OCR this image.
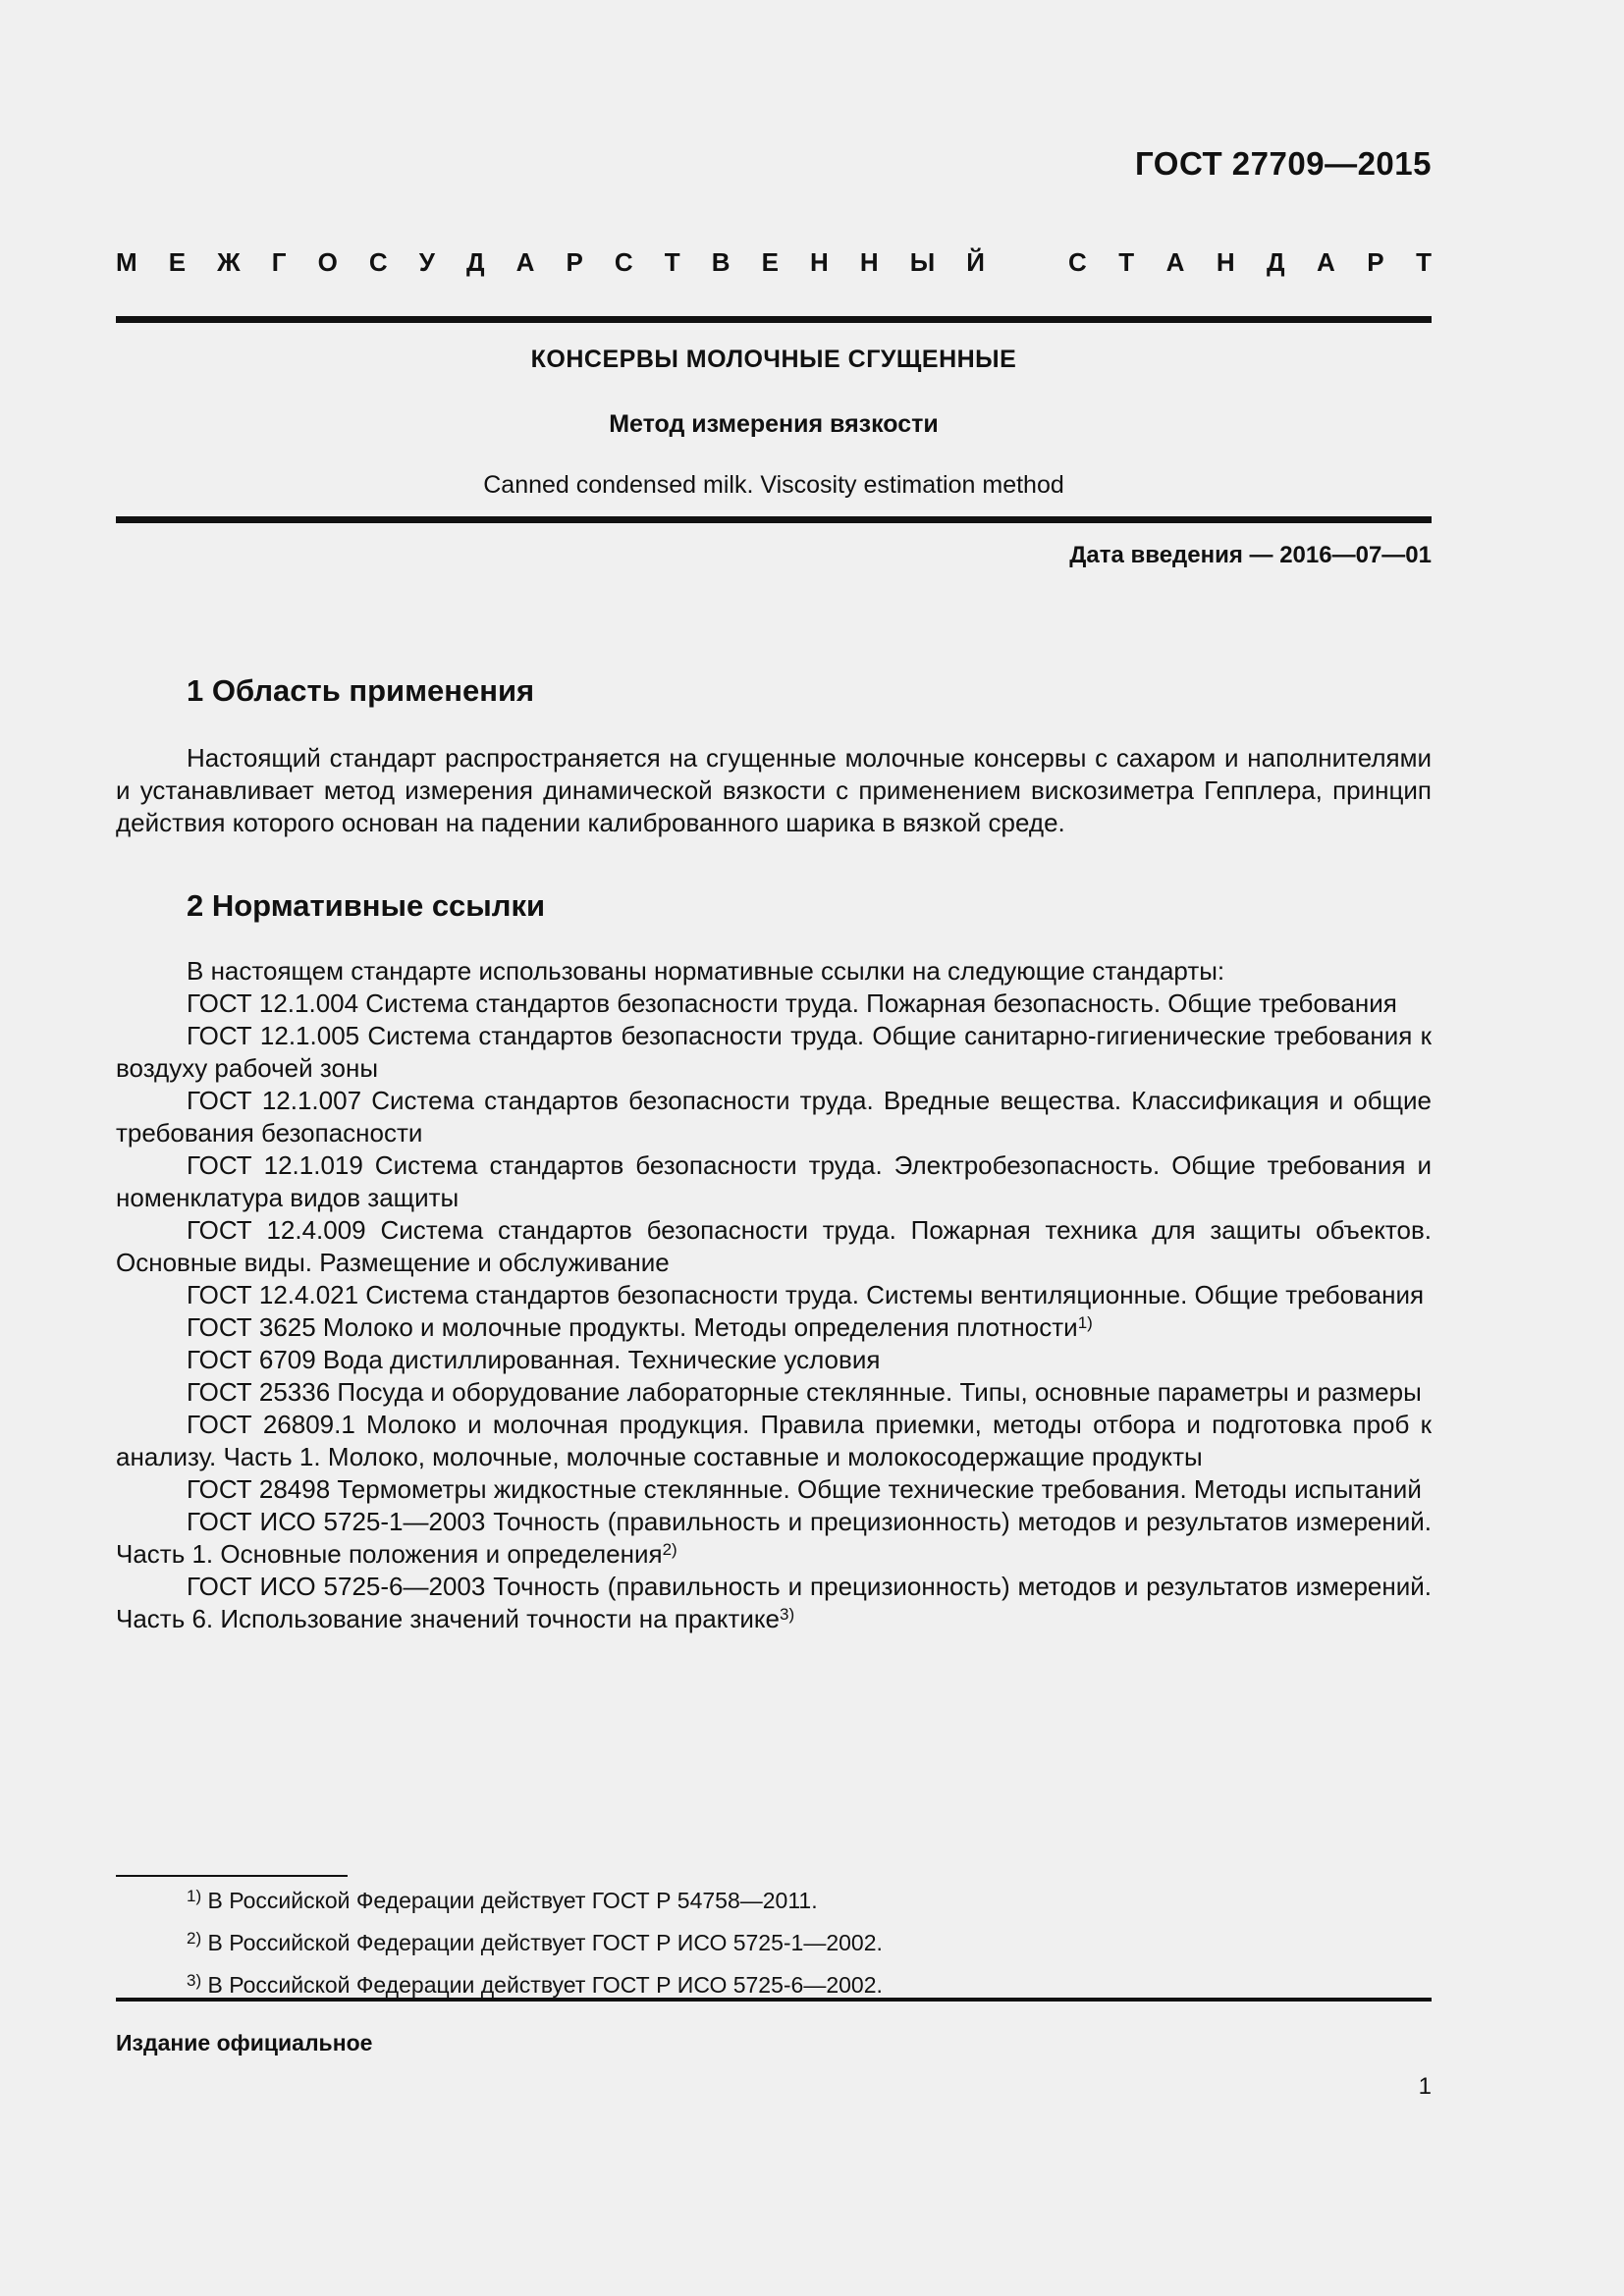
ГОСТ 27709—2015
М Е Ж Г О С У Д А Р С Т В Е Н Н Ы Й	С Т А Н Д А Р Т
КОНСЕРВЫ МОЛОЧНЫЕ СГУЩЕННЫЕ
Метод измерения вязкости
Canned condensed milk. Viscosity estimation method
Дата введения — 2016—07—01
1 Область применения

Настоящий стандарт распространяется на сгущенные молочные консервы с сахаром и наполнителями и устанавливает метод измерения динамической вязкости с применением вискозиметра Гепплера, принцип действия которого основан на падении калиброванного шарика в вязкой среде.

2 Нормативные ссылки

В настоящем стандарте использованы нормативные ссылки на следующие стандарты:

ГОСТ 12.1.004 Система стандартов безопасности труда. Пожарная безопасность. Общие требования

ГОСТ 12.1.005 Система стандартов безопасности труда. Общие санитарно-гигиенические требования к воздуху рабочей зоны

ГОСТ 12.1.007 Система стандартов безопасности труда. Вредные вещества. Классификация и общие требования безопасности

ГОСТ 12.1.019 Система стандартов безопасности труда. Электробезопасность. Общие требования и номенклатура видов защиты

ГОСТ 12.4.009 Система стандартов безопасности труда. Пожарная техника для защиты объектов. Основные виды. Размещение и обслуживание

ГОСТ 12.4.021 Система стандартов безопасности труда. Системы вентиляционные. Общие требования

ГОСТ 3625 Молоко и молочные продукты. Методы определения плотности$^{1)}$

ГОСТ 6709 Вода дистиллированная. Технические условия

ГОСТ 25336 Посуда и оборудование лабораторные стеклянные. Типы, основные параметры и размеры

ГОСТ 26809.1 Молоко и молочная продукция. Правила приемки, методы отбора и подготовка проб к анализу. Часть 1. Молоко, молочные, молочные составные и молокосодержащие продукты

ГОСТ 28498 Термометры жидкостные стеклянные. Общие технические требования. Методы испытаний

ГОСТ ИСО 5725-1—2003 Точность (правильность и прецизионность) методов и результатов измерений. Часть 1. Основные положения и определения$^{2)}$

ГОСТ ИСО 5725-6—2003 Точность (правильность и прецизионность) методов и результатов измерений. Часть 6. Использование значений точности на практике$^{3)}$

$^{1)}$ В Российской Федерации действует ГОСТ Р 54758—2011.
$^{2)}$ В Российской Федерации действует ГОСТ Р ИСО 5725-1—2002.
$^{3)}$ В Российской Федерации действует ГОСТ Р ИСО 5725-6—2002.
Издание официальное
1
